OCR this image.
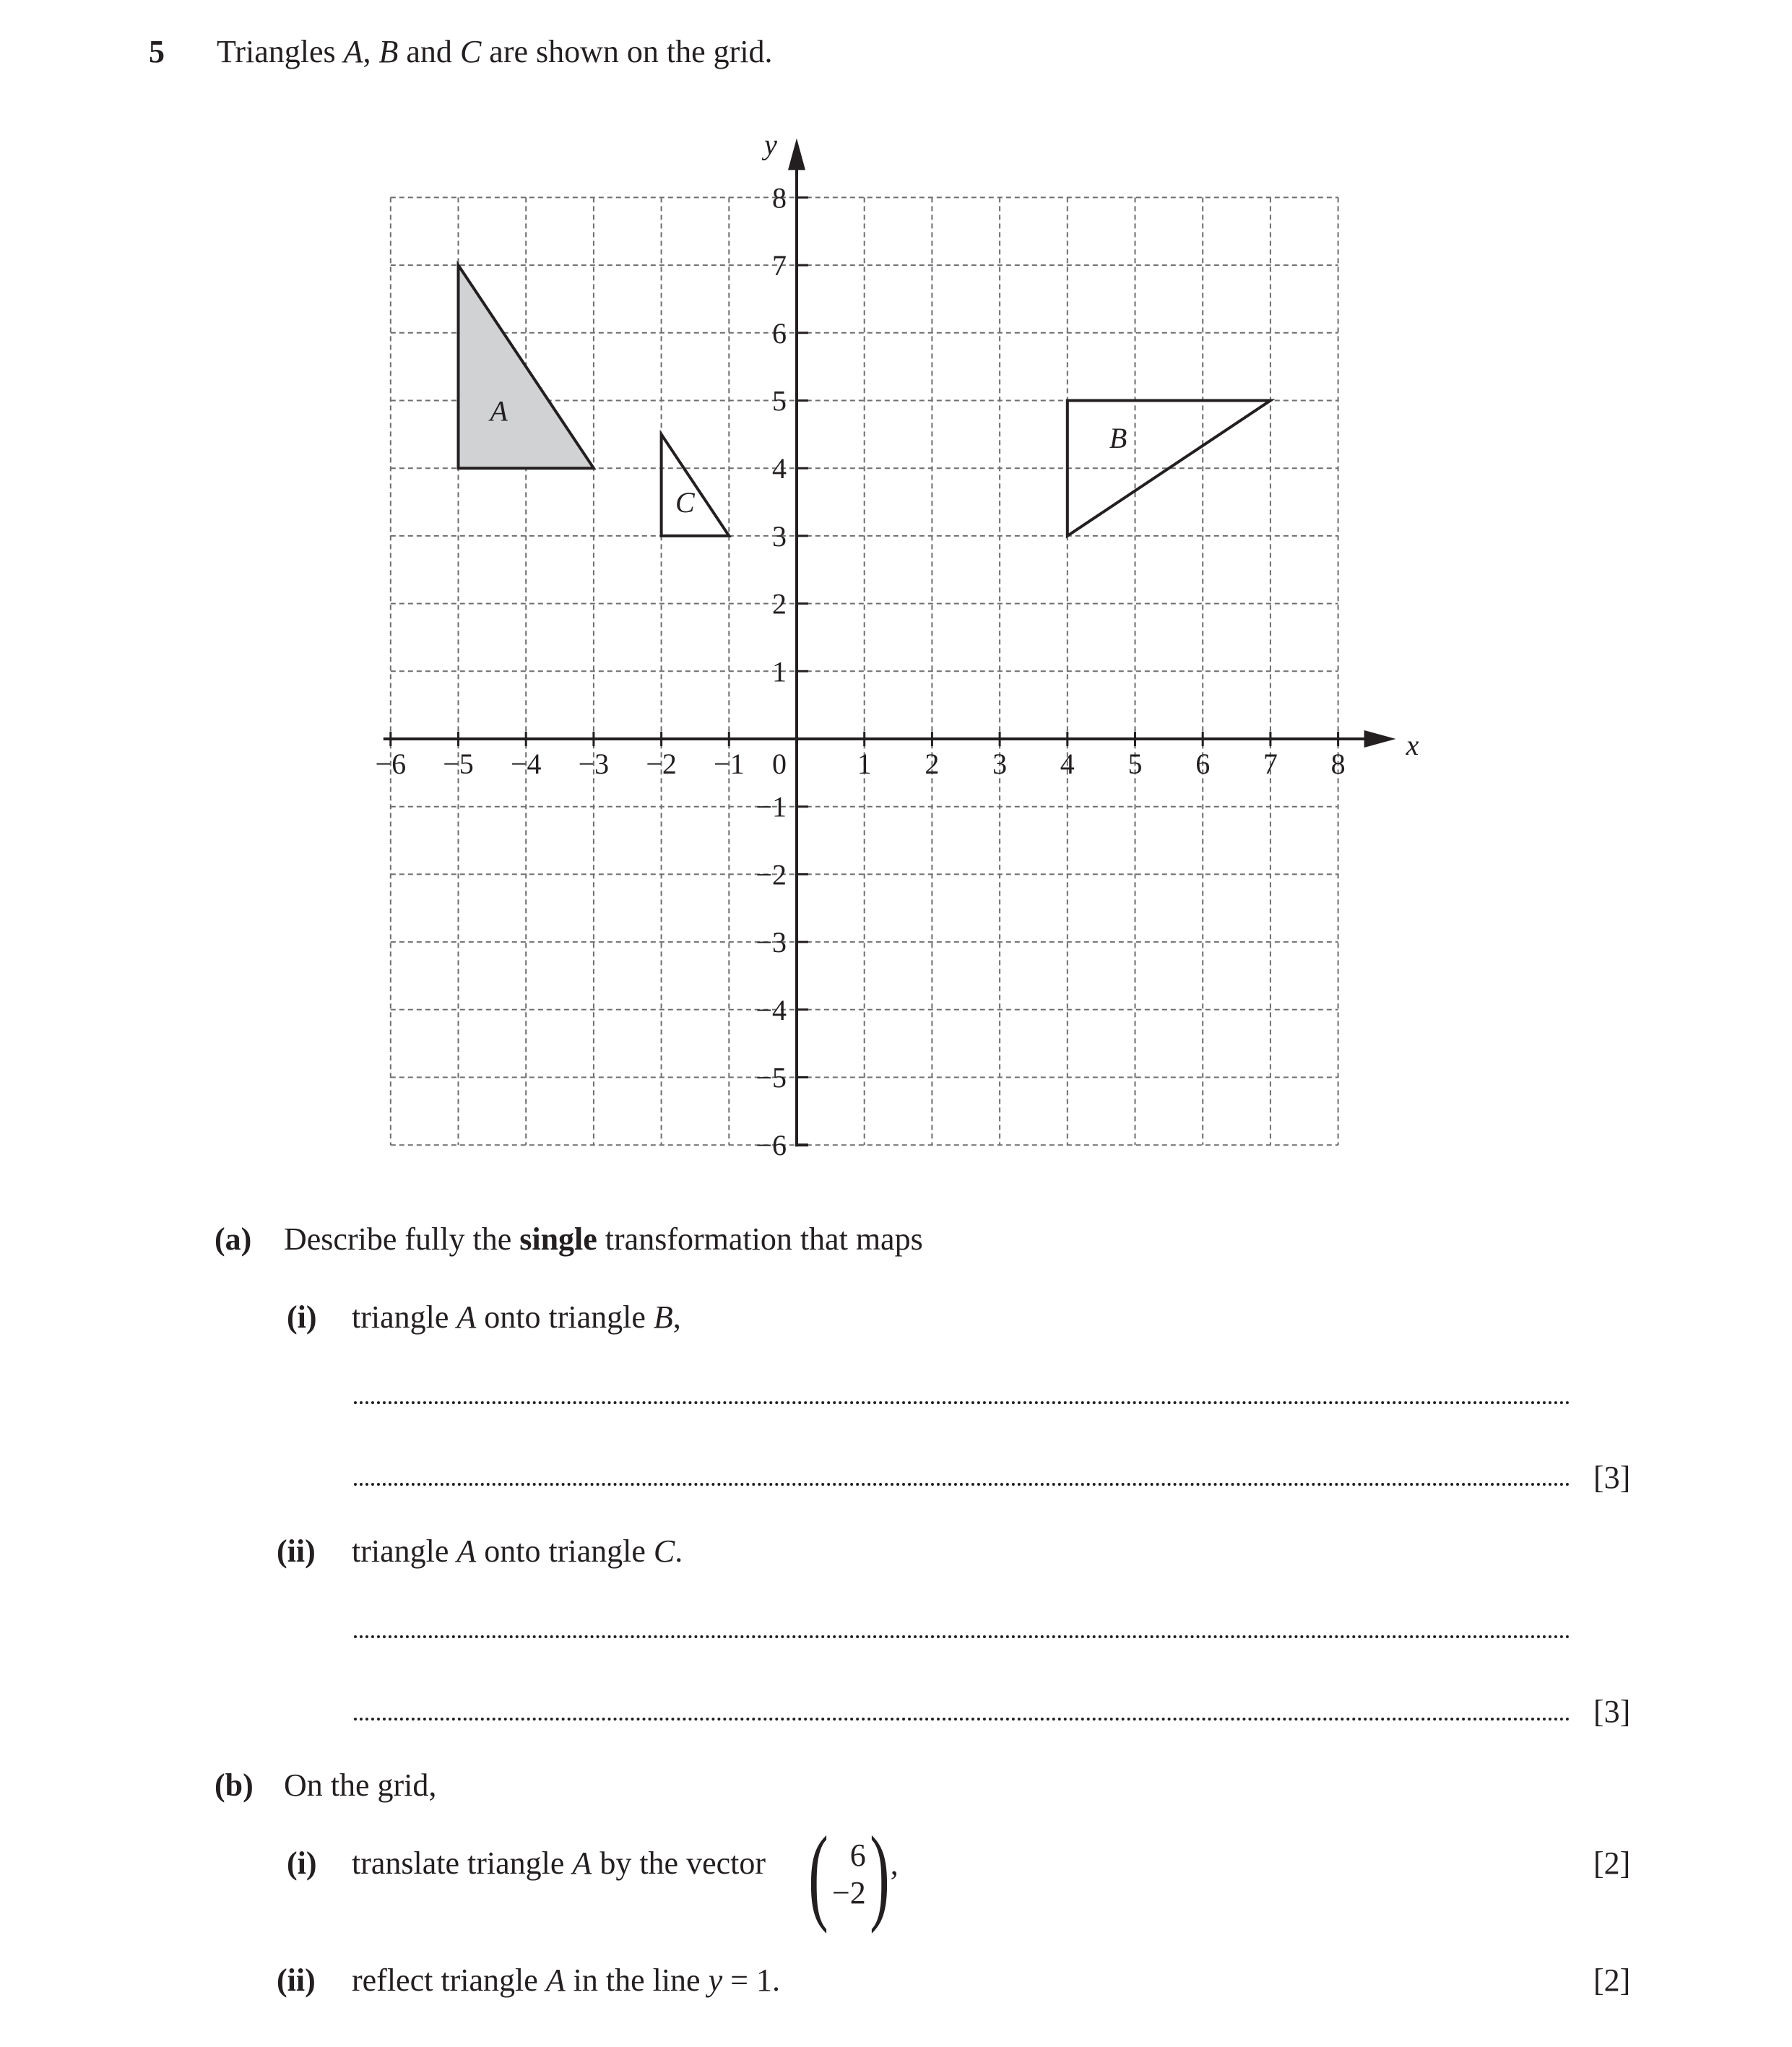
5 Triangles A, B and C are shown on the grid.
A
B
C
−6 −5 −4 −3 −2 −1 0 1 2 3 4 5 6 7 8
8
7
6
5
4
3
2
1
−1
−2
−3
−4
−5
−6
x
y
(a) Describe fully the single transformation that maps
(i) triangle A onto triangle B,
[3]
(ii) triangle A onto triangle C.
[3]
(b) On the grid,
(i) translate triangle A by the vector ( 6
−2 ) ,	[2]
(ii) reflect triangle A in the line y = 1.	[2]
